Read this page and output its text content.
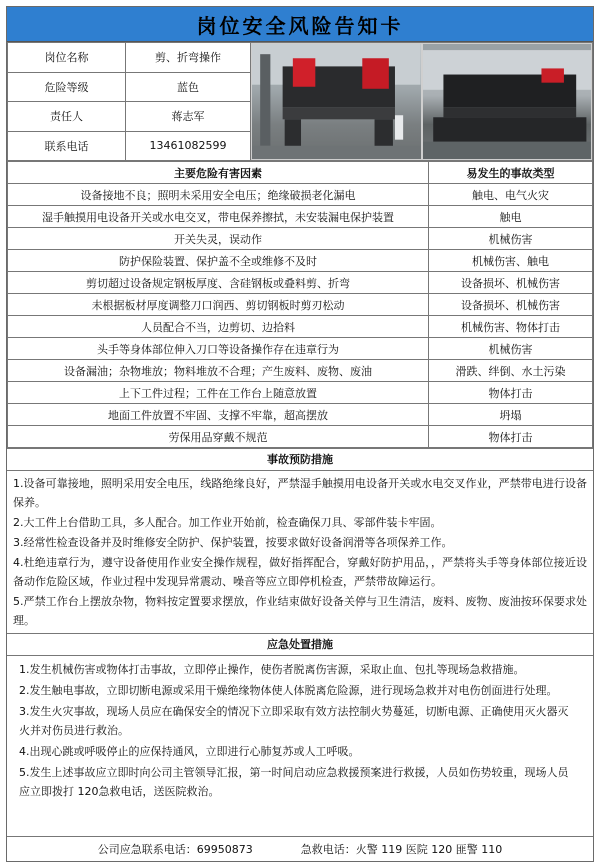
岗位安全风险告知卡
岗位名称	剪、折弯操作	

危险等级	蓝色	
责任人	蒋志军	
联系电话	13461082599	
主要危险有害因素	易发生的事故类型
设备接地不良；照明未采用安全电压；绝缘破损老化漏电	触电、电气火灾
湿手触摸用电设备开关或水电交叉，带电保养擦拭，未安装漏电保护装置	触电
开关失灵，误动作	机械伤害
防护保险装置、保护盖不全或维修不及时	机械伤害、触电
剪切超过设备规定钢板厚度、含硅钢板或叠料剪、折弯	设备损坏、机械伤害
未根据板材厚度调整刀口润西、剪切钢板时剪刃松动	设备损坏、机械伤害
人员配合不当，边剪切、边拾料	机械伤害、物体打击
头手等身体部位伸入刀口等设备操作存在违章行为	机械伤害
设备漏油；杂物堆放；物料堆放不合理；产生废料、废物、废油	滑跌、绊倒、水土污染
上下工件过程；工件在工作台上随意放置	物体打击
地面工件放置不牢固、支撑不牢靠，超高摆放	坍塌
劳保用品穿戴不规范	物体打击
事故预防措施

1.设备可靠接地，照明采用安全电压，线路绝缘良好，严禁湿手触摸用电设备开关或水电交叉作业，严禁带电进行设备保养。

2.大工件上台借助工具，多人配合。加工作业开始前，检查确保刀具、零部件装卡牢固。

3.经常性检查设备并及时维修安全防护、保护装置，按要求做好设备润滑等各项保养工作。

4.杜绝违章行为，遵守设备使用作业安全操作规程，做好指挥配合，穿戴好防护用品，，严禁将头手等身体部位接近设备动作危险区域，作业过程中发现异常震动、噪音等应立即停机检查，严禁带故障运行。

5.严禁工作台上摆放杂物，物料按定置要求摆放，作业结束做好设备关停与卫生清洁，废料、废物、废油按环保要求处理。

应急处置措施

1.发生机械伤害或物体打击事故，立即停止操作，使伤者脱离伤害源，采取止血、包扎等现场急救措施。

2.发生触电事故，立即切断电源或采用干燥绝缘物体使人体脱离危险源，进行现场急救并对电伤创面进行处理。

3.发生火灾事故，现场人员应在确保安全的情况下立即采取有效方法控制火势蔓延，切断电源、正确使用灭火器灭火并对伤员进行救治。

4.出现心跳或呼吸停止的应保持通风，立即进行心肺复苏或人工呼吸。

5.发生上述事故应立即时向公司主管领导汇报，第一时间启动应急救援预案进行救援，人员如伤势较重，现场人员应立即拨打 120急救电话，送医院救治。

公司应急联系电话：69950873	急救电话：火警 119 医院 120 匪警 110
